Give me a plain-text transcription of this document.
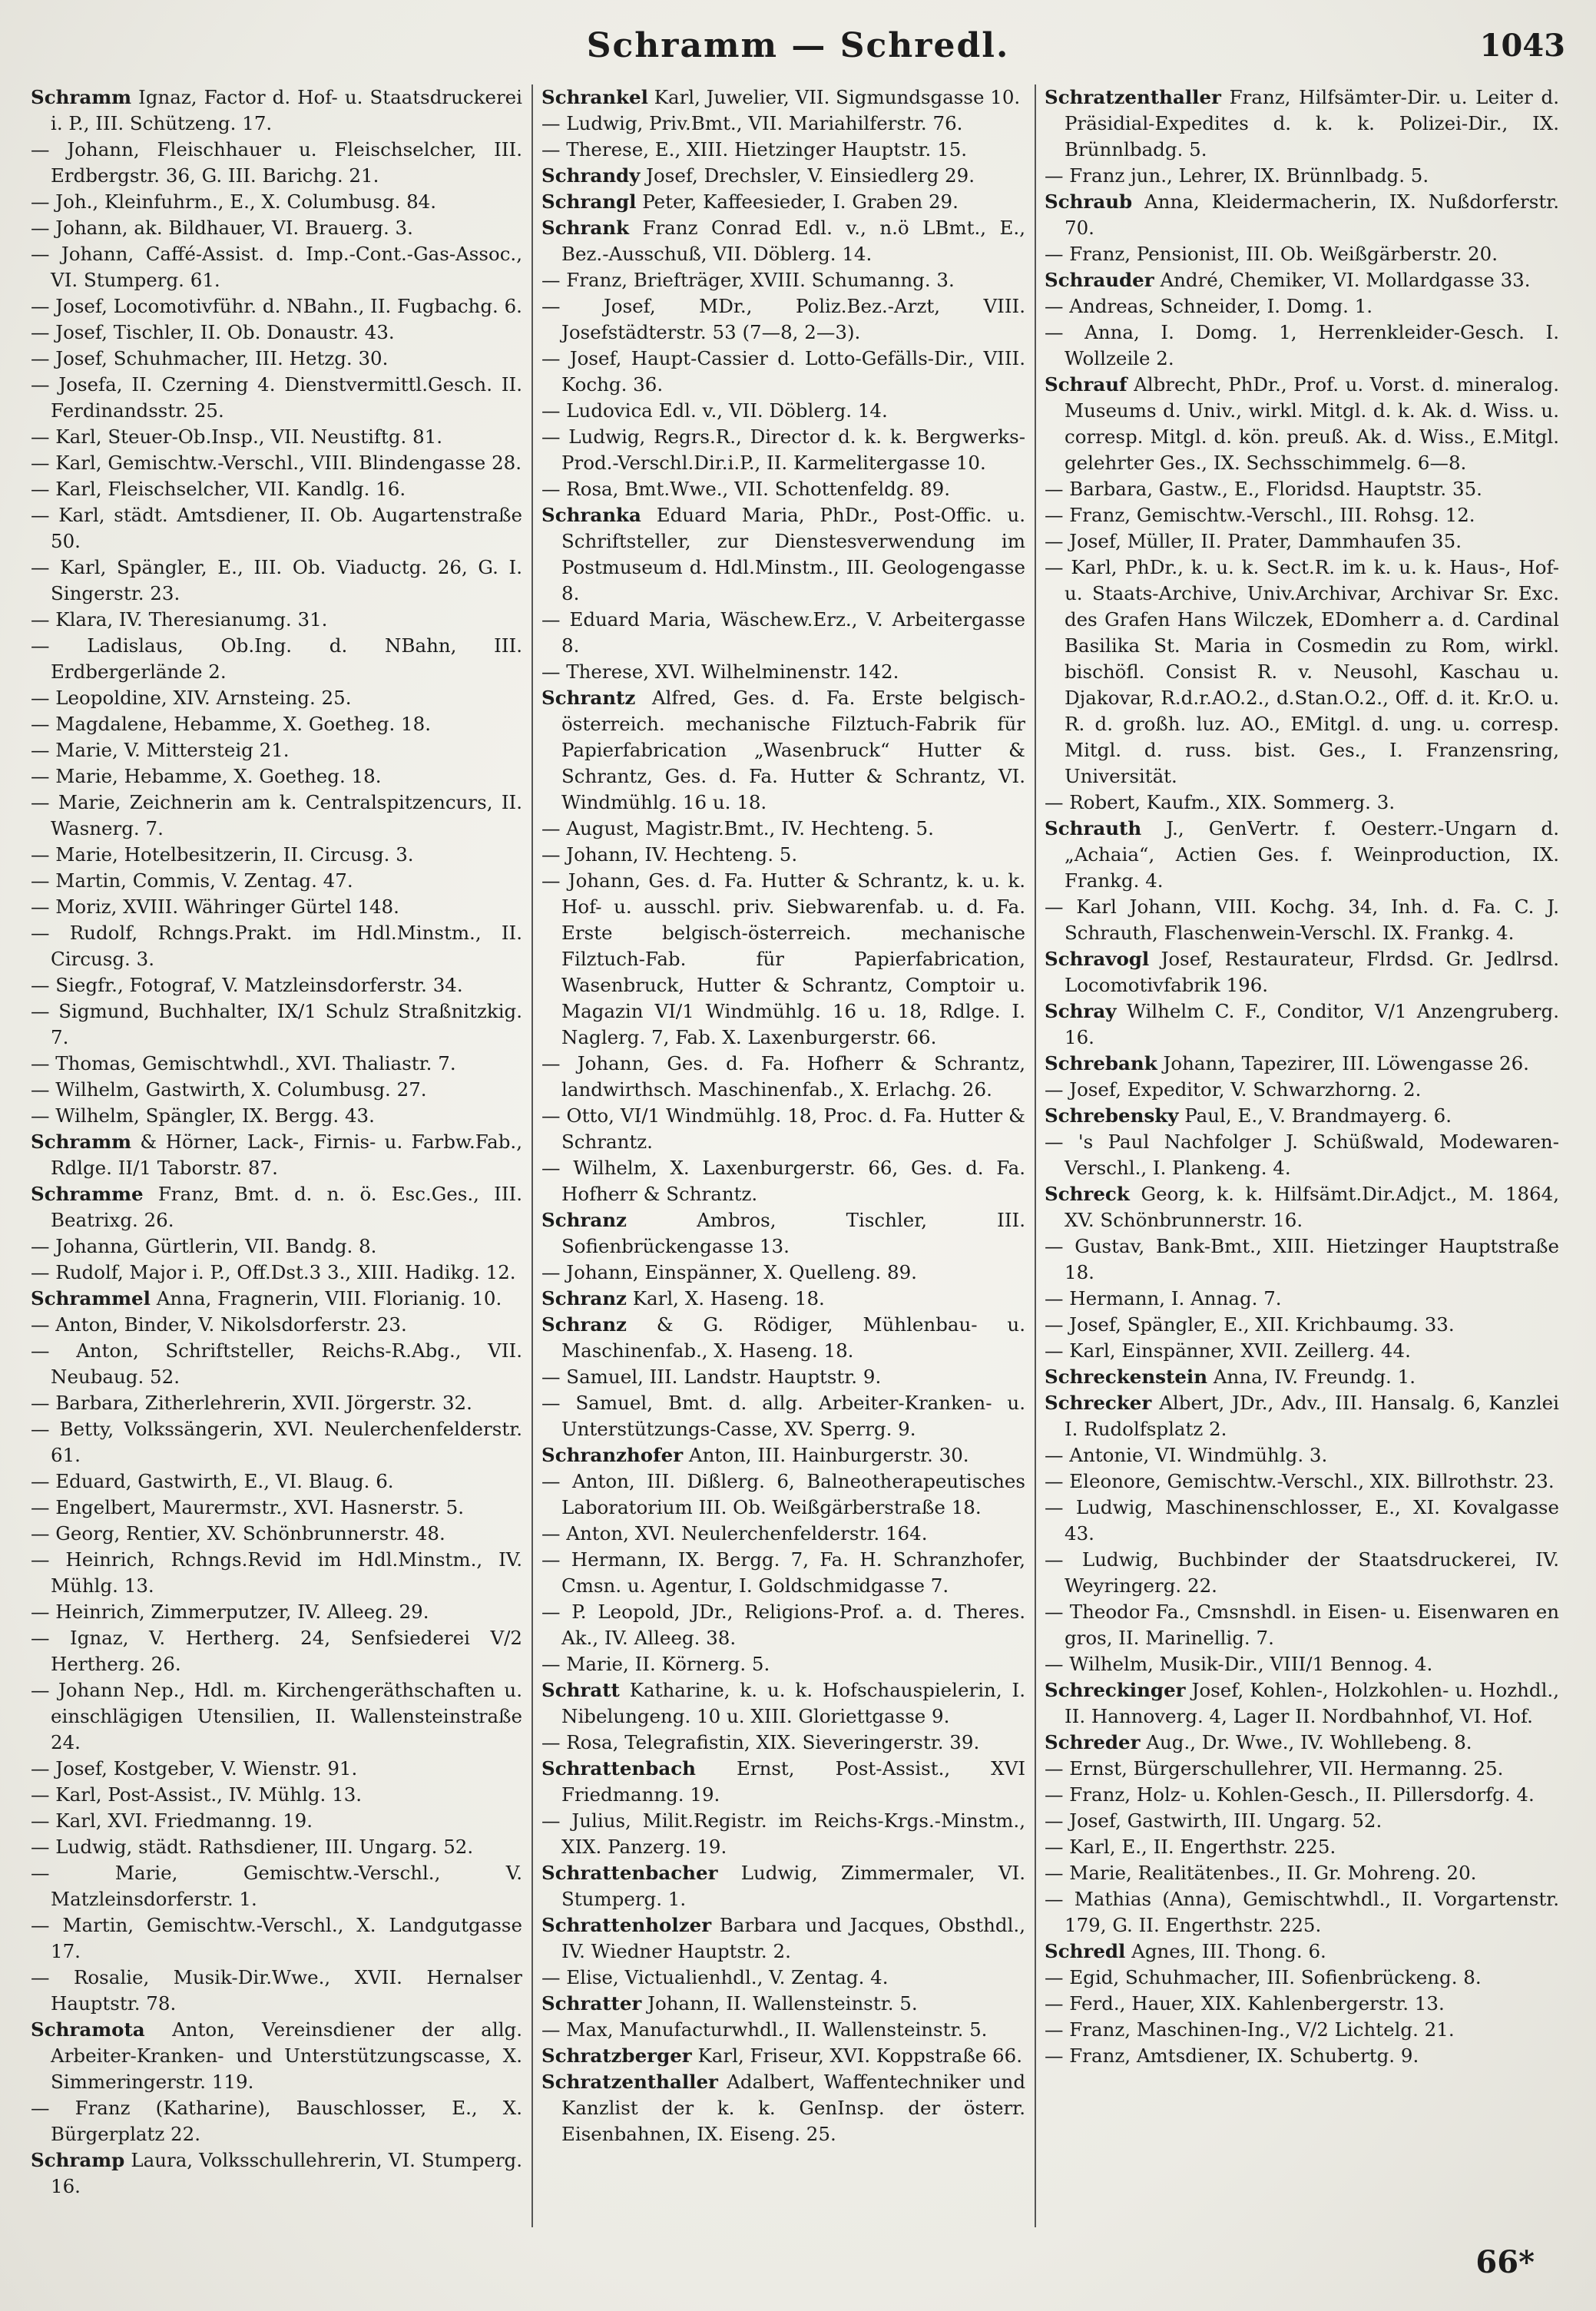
Schramm — Schredl.	1043

Schramm Ignaz, Factor d. Hof- u. Staatsdruckerei i. P., III. Schützeng. 17.

— Johann, Fleischhauer u. Fleischselcher, III. Erdbergstr. 36, G. III. Barichg. 21.

— Joh., Kleinfuhrm., E., X. Columbusg. 84.

— Johann, ak. Bildhauer, VI. Brauerg. 3.

— Johann, Caffé-Assist. d. Imp.-Cont.-Gas-Assoc., VI. Stumperg. 61.

— Josef, Locomotivführ. d. NBahn., II. Fugbachg. 6.

— Josef, Tischler, II. Ob. Donaustr. 43.

— Josef, Schuhmacher, III. Hetzg. 30.

— Josefa, II. Czerning 4. Dienstvermittl.Gesch. II. Ferdinandsstr. 25.

— Karl, Steuer-Ob.Insp., VII. Neustiftg. 81.

— Karl, Gemischtw.-Verschl., VIII. Blindengasse 28.

— Karl, Fleischselcher, VII. Kandlg. 16.

— Karl, städt. Amtsdiener, II. Ob. Augartenstraße 50.

— Karl, Spängler, E., III. Ob. Viaductg. 26, G. I. Singerstr. 23.

— Klara, IV. Theresianumg. 31.

— Ladislaus, Ob.Ing. d. NBahn, III. Erdbergerlände 2.

— Leopoldine, XIV. Arnsteing. 25.

— Magdalene, Hebamme, X. Goetheg. 18.

— Marie, V. Mittersteig 21.

— Marie, Hebamme, X. Goetheg. 18.

— Marie, Zeichnerin am k. Centralspitzencurs, II. Wasnerg. 7.

— Marie, Hotelbesitzerin, II. Circusg. 3.

— Martin, Commis, V. Zentag. 47.

— Moriz, XVIII. Währinger Gürtel 148.

— Rudolf, Rchngs.Prakt. im Hdl.Minstm., II. Circusg. 3.

— Siegfr., Fotograf, V. Matzleinsdorferstr. 34.

— Sigmund, Buchhalter, IX/1 Schulz Straßnitzkig. 7.

— Thomas, Gemischtwhdl., XVI. Thaliastr. 7.

— Wilhelm, Gastwirth, X. Columbusg. 27.

— Wilhelm, Spängler, IX. Bergg. 43.

Schramm & Hörner, Lack-, Firnis- u. Farbw.Fab., Rdlge. II/1 Taborstr. 87.

Schramme Franz, Bmt. d. n. ö. Esc.Ges., III. Beatrixg. 26.

— Johanna, Gürtlerin, VII. Bandg. 8.

— Rudolf, Major i. P., Off.Dst.3 3., XIII. Hadikg. 12.

Schrammel Anna, Fragnerin, VIII. Florianig. 10.

— Anton, Binder, V. Nikolsdorferstr. 23.

— Anton, Schriftsteller, Reichs-R.Abg., VII. Neubaug. 52.

— Barbara, Zitherlehrerin, XVII. Jörgerstr. 32.

— Betty, Volkssängerin, XVI. Neulerchenfelderstr. 61.

— Eduard, Gastwirth, E., VI. Blaug. 6.

— Engelbert, Maurermstr., XVI. Hasnerstr. 5.

— Georg, Rentier, XV. Schönbrunnerstr. 48.

— Heinrich, Rchngs.Revid im Hdl.Minstm., IV. Mühlg. 13.

— Heinrich, Zimmerputzer, IV. Alleeg. 29.

— Ignaz, V. Hertherg. 24, Senfsiederei V/2 Hertherg. 26.

— Johann Nep., Hdl. m. Kirchengeräthschaften u. einschlägigen Utensilien, II. Wallensteinstraße 24.

— Josef, Kostgeber, V. Wienstr. 91.

— Karl, Post-Assist., IV. Mühlg. 13.

— Karl, XVI. Friedmanng. 19.

— Ludwig, städt. Rathsdiener, III. Ungarg. 52.

— Marie, Gemischtw.-Verschl., V. Matzleinsdorferstr. 1.

— Martin, Gemischtw.-Verschl., X. Landgutgasse 17.

— Rosalie, Musik-Dir.Wwe., XVII. Hernalser Hauptstr. 78.

Schramota Anton, Vereinsdiener der allg. Arbeiter-Kranken- und Unterstützungscasse, X. Simmeringerstr. 119.

— Franz (Katharine), Bauschlosser, E., X. Bürgerplatz 22.

Schramp Laura, Volksschullehrerin, VI. Stumperg. 16.

Schrankel Karl, Juwelier, VII. Sigmundsgasse 10.

— Ludwig, Priv.Bmt., VII. Mariahilferstr. 76.

— Therese, E., XIII. Hietzinger Hauptstr. 15.

Schrandy Josef, Drechsler, V. Einsiedlerg 29.

Schrangl Peter, Kaffeesieder, I. Graben 29.

Schrank Franz Conrad Edl. v., n.ö LBmt., E., Bez.-Ausschuß, VII. Döblerg. 14.

— Franz, Briefträger, XVIII. Schumanng. 3.

— Josef, MDr., Poliz.Bez.-Arzt, VIII. Josefstädterstr. 53 (7—8, 2—3).

— Josef, Haupt-Cassier d. Lotto-Gefälls-Dir., VIII. Kochg. 36.

— Ludovica Edl. v., VII. Döblerg. 14.

— Ludwig, Regrs.R., Director d. k. k. Bergwerks-Prod.-Verschl.Dir.i.P., II. Karmelitergasse 10.

— Rosa, Bmt.Wwe., VII. Schottenfeldg. 89.

Schranka Eduard Maria, PhDr., Post-Offic. u. Schriftsteller, zur Dienstesverwendung im Postmuseum d. Hdl.Minstm., III. Geologengasse 8.

— Eduard Maria, Wäschew.Erz., V. Arbeitergasse 8.

— Therese, XVI. Wilhelminenstr. 142.

Schrantz Alfred, Ges. d. Fa. Erste belgisch-österreich. mechanische Filztuch-Fabrik für Papierfabrication „Wasenbruck“ Hutter & Schrantz, Ges. d. Fa. Hutter & Schrantz, VI. Windmühlg. 16 u. 18.

— August, Magistr.Bmt., IV. Hechteng. 5.

— Johann, IV. Hechteng. 5.

— Johann, Ges. d. Fa. Hutter & Schrantz, k. u. k. Hof- u. ausschl. priv. Siebwarenfab. u. d. Fa. Erste belgisch-österreich. mechanische Filztuch-Fab. für Papierfabrication, Wasenbruck, Hutter & Schrantz, Comptoir u. Magazin VI/1 Windmühlg. 16 u. 18, Rdlge. I. Naglerg. 7, Fab. X. Laxenburgerstr. 66.

— Johann, Ges. d. Fa. Hofherr & Schrantz, landwirthsch. Maschinenfab., X. Erlachg. 26.

— Otto, VI/1 Windmühlg. 18, Proc. d. Fa. Hutter & Schrantz.

— Wilhelm, X. Laxenburgerstr. 66, Ges. d. Fa. Hofherr & Schrantz.

Schranz Ambros, Tischler, III. Sofienbrückengasse 13.

— Johann, Einspänner, X. Quelleng. 89.

Schranz Karl, X. Haseng. 18.

Schranz & G. Rödiger, Mühlenbau- u. Maschinenfab., X. Haseng. 18.

— Samuel, III. Landstr. Hauptstr. 9.

— Samuel, Bmt. d. allg. Arbeiter-Kranken- u. Unterstützungs-Casse, XV. Sperrg. 9.

Schranzhofer Anton, III. Hainburgerstr. 30.

— Anton, III. Dißlerg. 6, Balneotherapeutisches Laboratorium III. Ob. Weißgärberstraße 18.

— Anton, XVI. Neulerchenfelderstr. 164.

— Hermann, IX. Bergg. 7, Fa. H. Schranzhofer, Cmsn. u. Agentur, I. Goldschmidgasse 7.

— P. Leopold, JDr., Religions-Prof. a. d. Theres. Ak., IV. Alleeg. 38.

— Marie, II. Körnerg. 5.

Schratt Katharine, k. u. k. Hofschauspielerin, I. Nibelungeng. 10 u. XIII. Gloriettgasse 9.

— Rosa, Telegrafistin, XIX. Sieveringerstr. 39.

Schrattenbach Ernst, Post-Assist., XVI Friedmanng. 19.

— Julius, Milit.Registr. im Reichs-Krgs.-Minstm., XIX. Panzerg. 19.

Schrattenbacher Ludwig, Zimmermaler, VI. Stumperg. 1.

Schrattenholzer Barbara und Jacques, Obsthdl., IV. Wiedner Hauptstr. 2.

— Elise, Victualienhdl., V. Zentag. 4.

Schratter Johann, II. Wallensteinstr. 5.

— Max, Manufacturwhdl., II. Wallensteinstr. 5.

Schratzberger Karl, Friseur, XVI. Koppstraße 66.

Schratzenthaller Adalbert, Waffentechniker und Kanzlist der k. k. GenInsp. der österr. Eisenbahnen, IX. Eiseng. 25.

Schratzenthaller Franz, Hilfsämter-Dir. u. Leiter d. Präsidial-Expedites d. k. k. Polizei-Dir., IX. Brünnlbadg. 5.

— Franz jun., Lehrer, IX. Brünnlbadg. 5.

Schraub Anna, Kleidermacherin, IX. Nußdorferstr. 70.

— Franz, Pensionist, III. Ob. Weißgärberstr. 20.

Schrauder André, Chemiker, VI. Mollardgasse 33.

— Andreas, Schneider, I. Domg. 1.

— Anna, I. Domg. 1, Herrenkleider-Gesch. I. Wollzeile 2.

Schrauf Albrecht, PhDr., Prof. u. Vorst. d. mineralog. Museums d. Univ., wirkl. Mitgl. d. k. Ak. d. Wiss. u. corresp. Mitgl. d. kön. preuß. Ak. d. Wiss., E.Mitgl. gelehrter Ges., IX. Sechsschimmelg. 6—8.

— Barbara, Gastw., E., Floridsd. Hauptstr. 35.

— Franz, Gemischtw.-Verschl., III. Rohsg. 12.

— Josef, Müller, II. Prater, Dammhaufen 35.

— Karl, PhDr., k. u. k. Sect.R. im k. u. k. Haus-, Hof- u. Staats-Archive, Univ.Archivar, Archivar Sr. Exc. des Grafen Hans Wilczek, EDomherr a. d. Cardinal Basilika St. Maria in Cosmedin zu Rom, wirkl. bischöfl. Consist R. v. Neusohl, Kaschau u. Djakovar, R.d.r.AO.2., d.Stan.O.2., Off. d. it. Kr.O. u. R. d. großh. luz. AO., EMitgl. d. ung. u. corresp. Mitgl. d. russ. bist. Ges., I. Franzensring, Universität.

— Robert, Kaufm., XIX. Sommerg. 3.

Schrauth J., GenVertr. f. Oesterr.-Ungarn d. „Achaia“, Actien Ges. f. Weinproduction, IX. Frankg. 4.

— Karl Johann, VIII. Kochg. 34, Inh. d. Fa. C. J. Schrauth, Flaschenwein-Verschl. IX. Frankg. 4.

Schravogl Josef, Restaurateur, Flrdsd. Gr. Jedlrsd. Locomotivfabrik 196.

Schray Wilhelm C. F., Conditor, V/1 Anzengruberg. 16.

Schrebank Johann, Tapezirer, III. Löwengasse 26.

— Josef, Expeditor, V. Schwarzhorng. 2.

Schrebensky Paul, E., V. Brandmayerg. 6.

— 's Paul Nachfolger J. Schüßwald, Modewaren-Verschl., I. Plankeng. 4.

Schreck Georg, k. k. Hilfsämt.Dir.Adjct., M. 1864, XV. Schönbrunnerstr. 16.

— Gustav, Bank-Bmt., XIII. Hietzinger Hauptstraße 18.

— Hermann, I. Annag. 7.

— Josef, Spängler, E., XII. Krichbaumg. 33.

— Karl, Einspänner, XVII. Zeillerg. 44.

Schreckenstein Anna, IV. Freundg. 1.

Schrecker Albert, JDr., Adv., III. Hansalg. 6, Kanzlei I. Rudolfsplatz 2.

— Antonie, VI. Windmühlg. 3.

— Eleonore, Gemischtw.-Verschl., XIX. Billrothstr. 23.

— Ludwig, Maschinenschlosser, E., XI. Kovalgasse 43.

— Ludwig, Buchbinder der Staatsdruckerei, IV. Weyringerg. 22.

— Theodor Fa., Cmsnshdl. in Eisen- u. Eisenwaren en gros, II. Marinellig. 7.

— Wilhelm, Musik-Dir., VIII/1 Bennog. 4.

Schreckinger Josef, Kohlen-, Holzkohlen- u. Hozhdl., II. Hannoverg. 4, Lager II. Nordbahnhof, VI. Hof.

Schreder Aug., Dr. Wwe., IV. Wohllebeng. 8.

— Ernst, Bürgerschullehrer, VII. Hermanng. 25.

— Franz, Holz- u. Kohlen-Gesch., II. Pillersdorfg. 4.

— Josef, Gastwirth, III. Ungarg. 52.

— Karl, E., II. Engerthstr. 225.

— Marie, Realitätenbes., II. Gr. Mohreng. 20.

— Mathias (Anna), Gemischtwhdl., II. Vorgartenstr. 179, G. II. Engerthstr. 225.

Schredl Agnes, III. Thong. 6.

— Egid, Schuhmacher, III. Sofienbrückeng. 8.

— Ferd., Hauer, XIX. Kahlenbergerstr. 13.

— Franz, Maschinen-Ing., V/2 Lichtelg. 21.

— Franz, Amtsdiener, IX. Schubertg. 9.

66*
